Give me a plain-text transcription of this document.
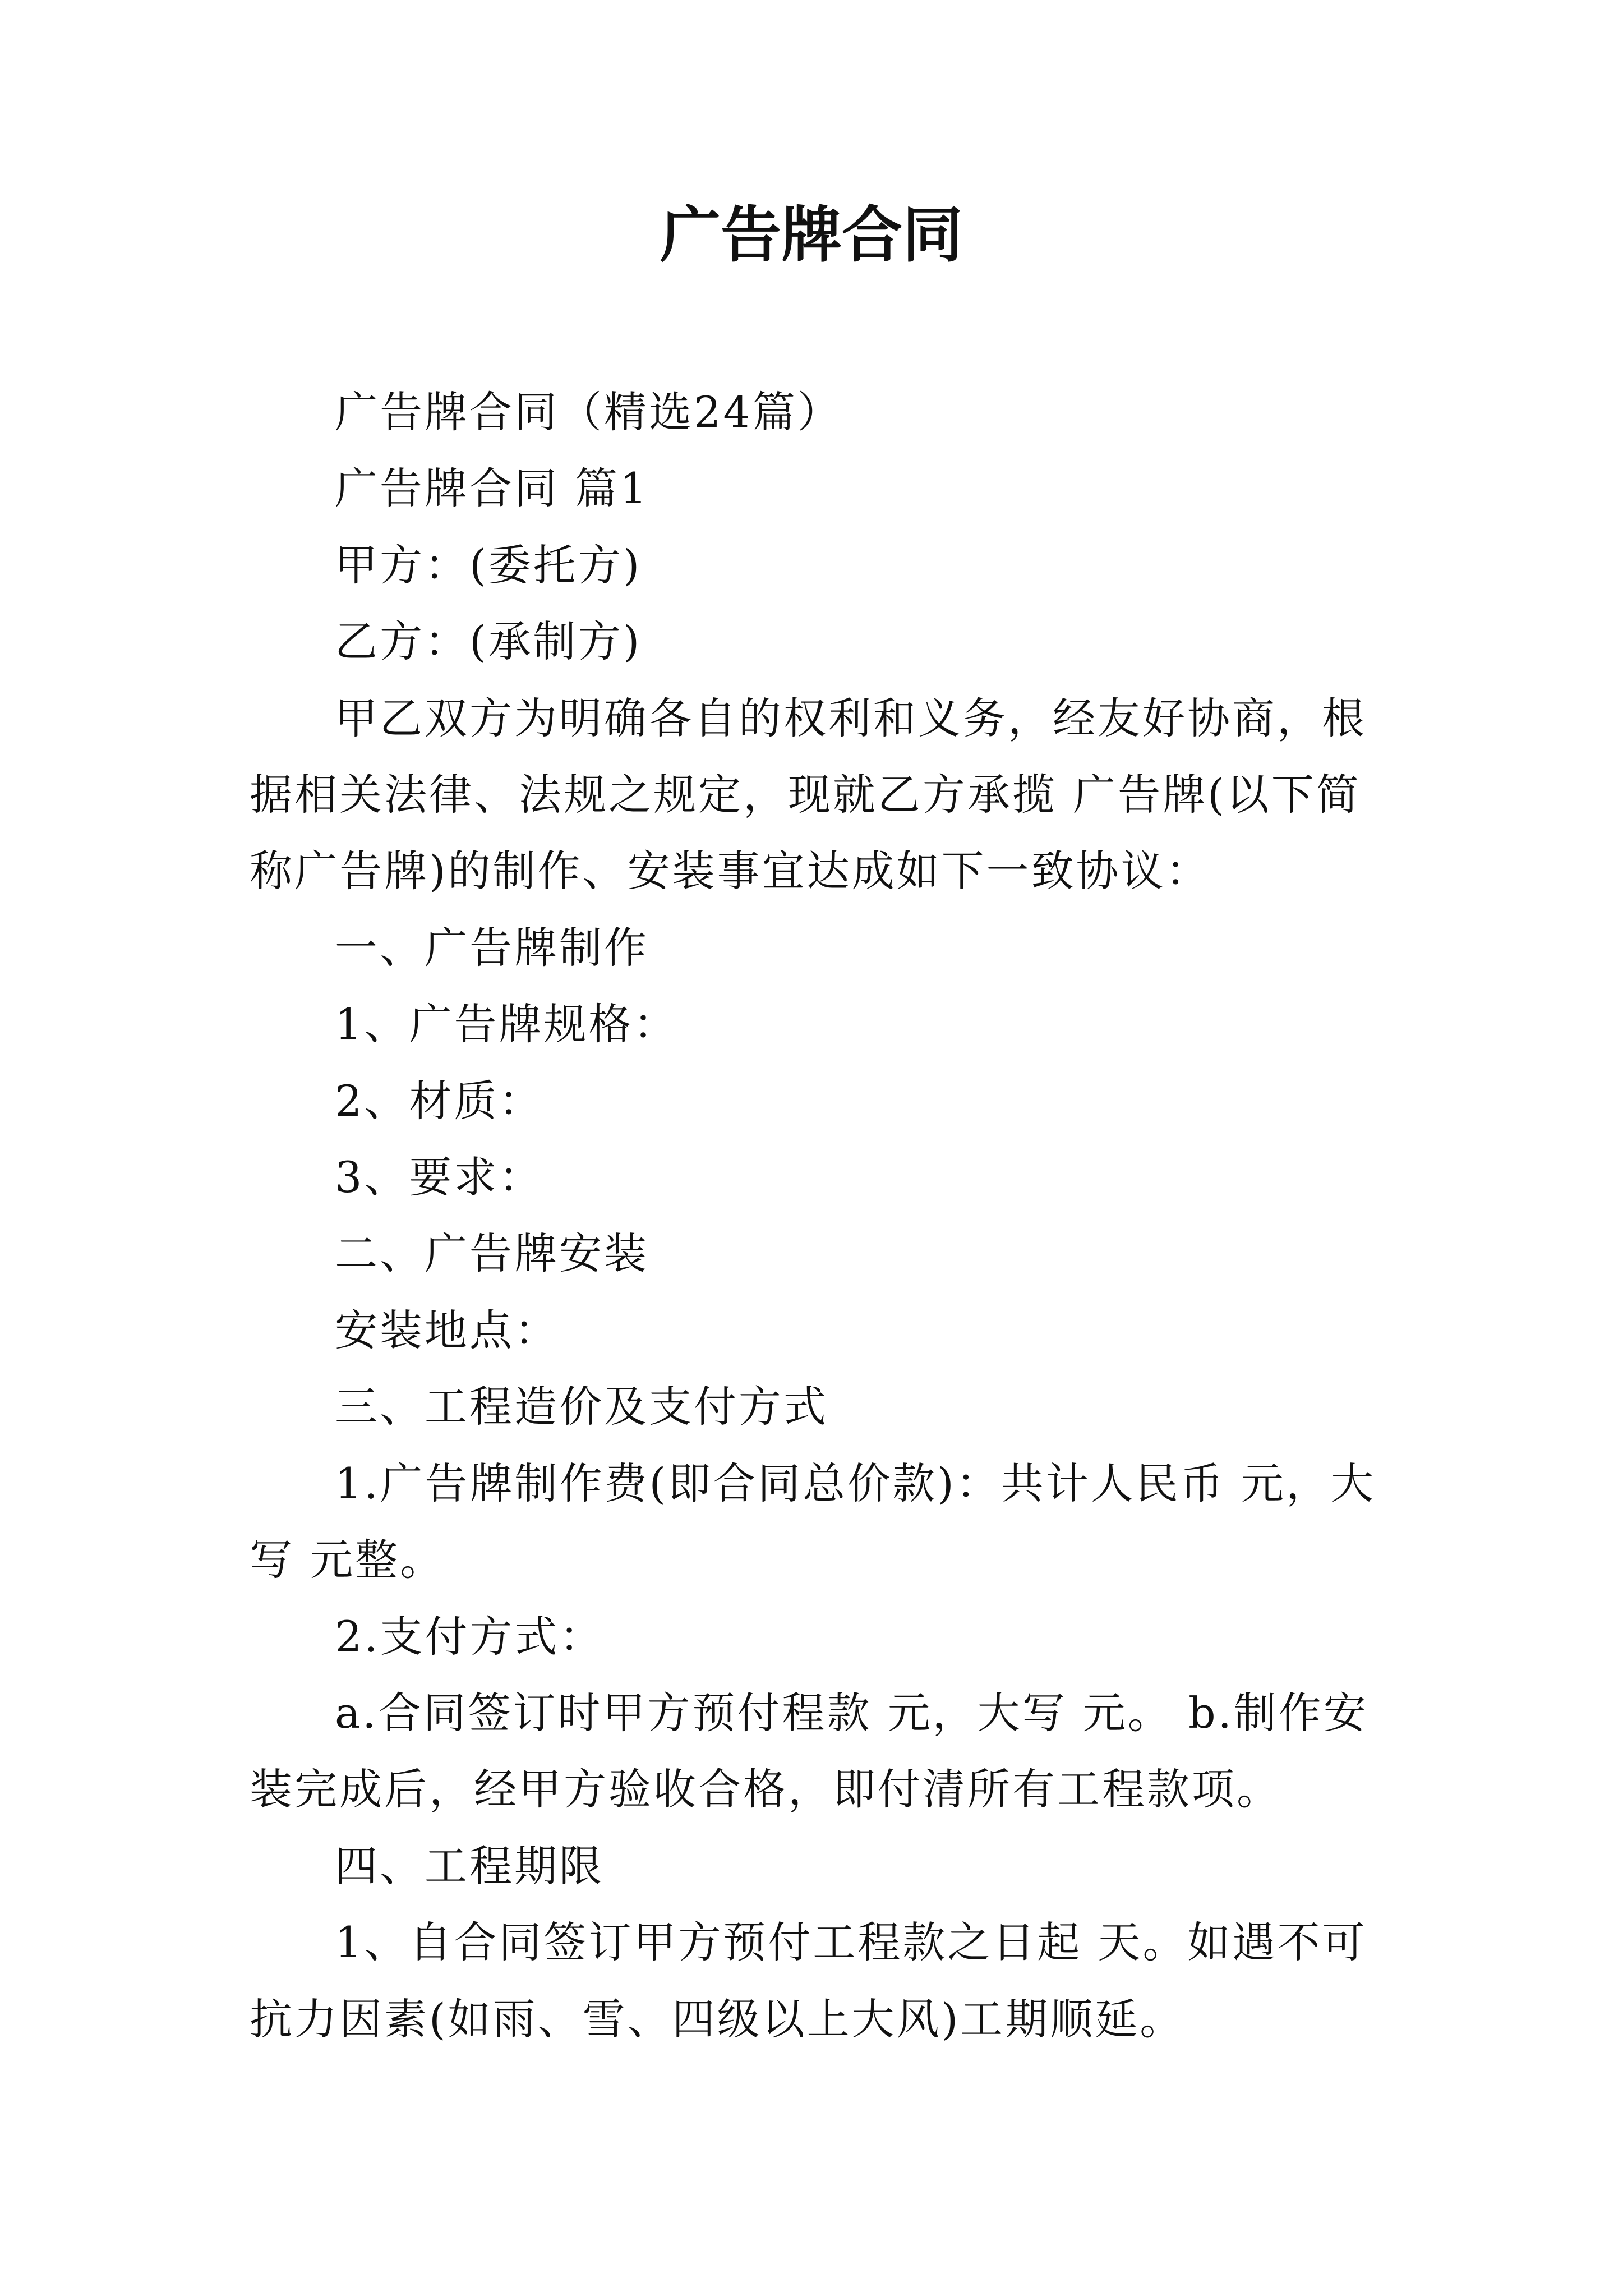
广告牌合同

广告牌合同（精选24篇）

广告牌合同 篇1

甲方：(委托方)

乙方：(承制方)

甲乙双方为明确各自的权利和义务，经友好协商，根据相关法律、法规之规定，现就乙方承揽 广告牌(以下简称广告牌)的制作、安装事宜达成如下一致协议：

一、广告牌制作

1、广告牌规格：

2、材质：

3、要求：

二、广告牌安装

安装地点：

三、工程造价及支付方式

1.广告牌制作费(即合同总价款)：共计人民币 元，大写 元整。

2.支付方式：

a.合同签订时甲方预付程款 元，大写 元。 b.制作安装完成后，经甲方验收合格，即付清所有工程款项。

四、工程期限

1、自合同签订甲方预付工程款之日起 天。如遇不可抗力因素(如雨、雪、四级以上大风)工期顺延。
